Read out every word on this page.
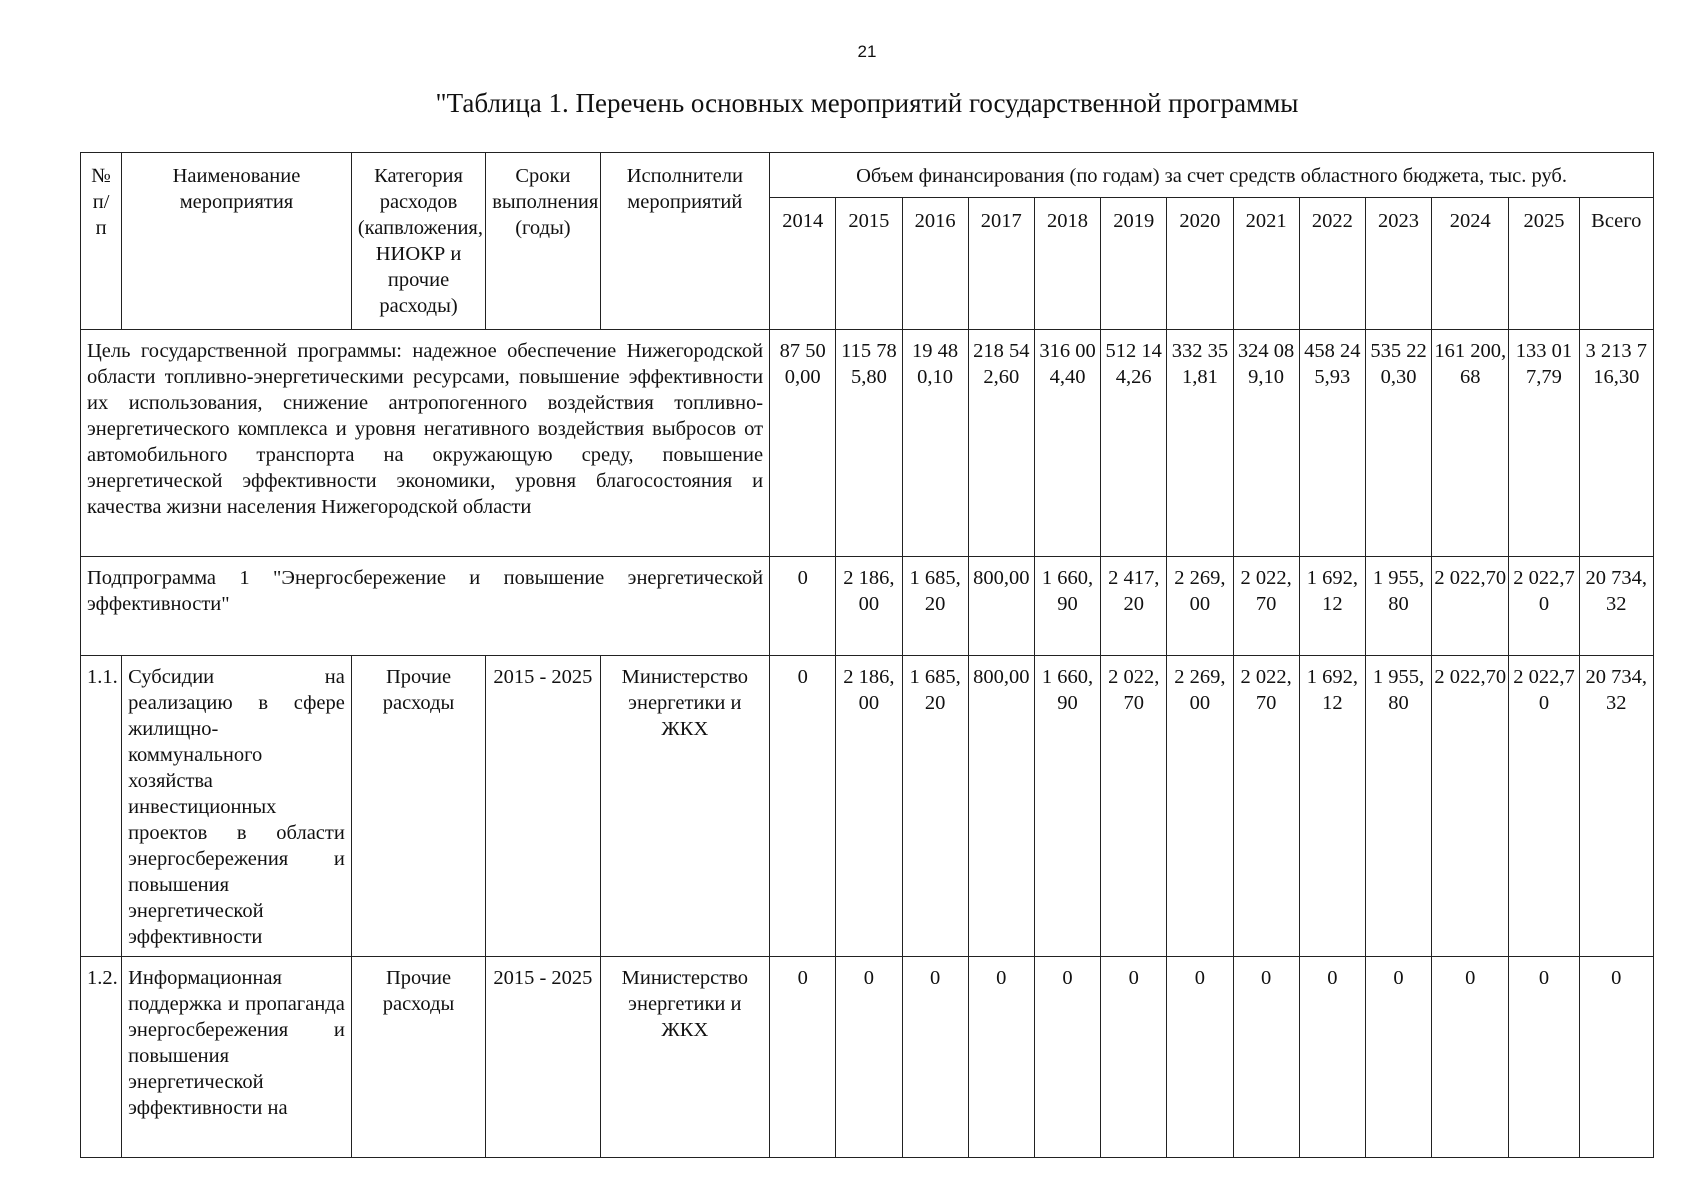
21
"Таблица 1. Перечень основных мероприятий государственной программы
№ п/ п	Наименование мероприятия	Категория расходов (капвложения, НИОКР и прочие расходы)	Сроки выполнения (годы)	Исполнители мероприятий	Объем финансирования (по годам) за счет средств областного бюджета, тыс. руб.												
					2014	2015	2016	2017	2018	2019	2020	2021	2022	2023	2024	2025	Всего
Цель государственной программы: надежное обеспечение Нижегородской области топливно-энергетическими ресурсами, повышение эффективности их использования, снижение антропогенного воздействия топливно-энергетического комплекса и уровня негативного воздействия выбросов от автомобильного транспорта на окружающую среду, повышение энергетической эффективности экономики, уровня благосостояния и качества жизни населения Нижегородской области					87 500,00	115 785,80	19 480,10	218 542,60	316 004,40	512 144,26	332 351,81	324 089,10	458 245,93	535 220,30	161 200,68	133 017,79	3 213 716,30
Подпрограмма 1 "Энергосбережение и повышение энергетической эффективности"					0	2 186,00	1 685,20	800,00	1 660,90	2 417,20	2 269,00	2 022,70	1 692,12	1 955,80	2 022,70	2 022,70	20 734,32
1.1.	Субсидии на реализацию в сфере жилищно-коммунального хозяйства инвестиционных проектов в области энергосбережения и повышения энергетической эффективности	Прочие расходы	2015 - 2025	Министерство энергетики и ЖКХ	0	2 186,00	1 685,20	800,00	1 660,90	2 022,70	2 269,00	2 022,70	1 692,12	1 955,80	2 022,70	2 022,70	20 734,32
1.2.	Информационная поддержка и пропаганда энергосбережения и повышения энергетической эффективности на	Прочие расходы	2015 - 2025	Министерство энергетики и ЖКХ	0	0	0	0	0	0	0	0	0	0	0	0	0
